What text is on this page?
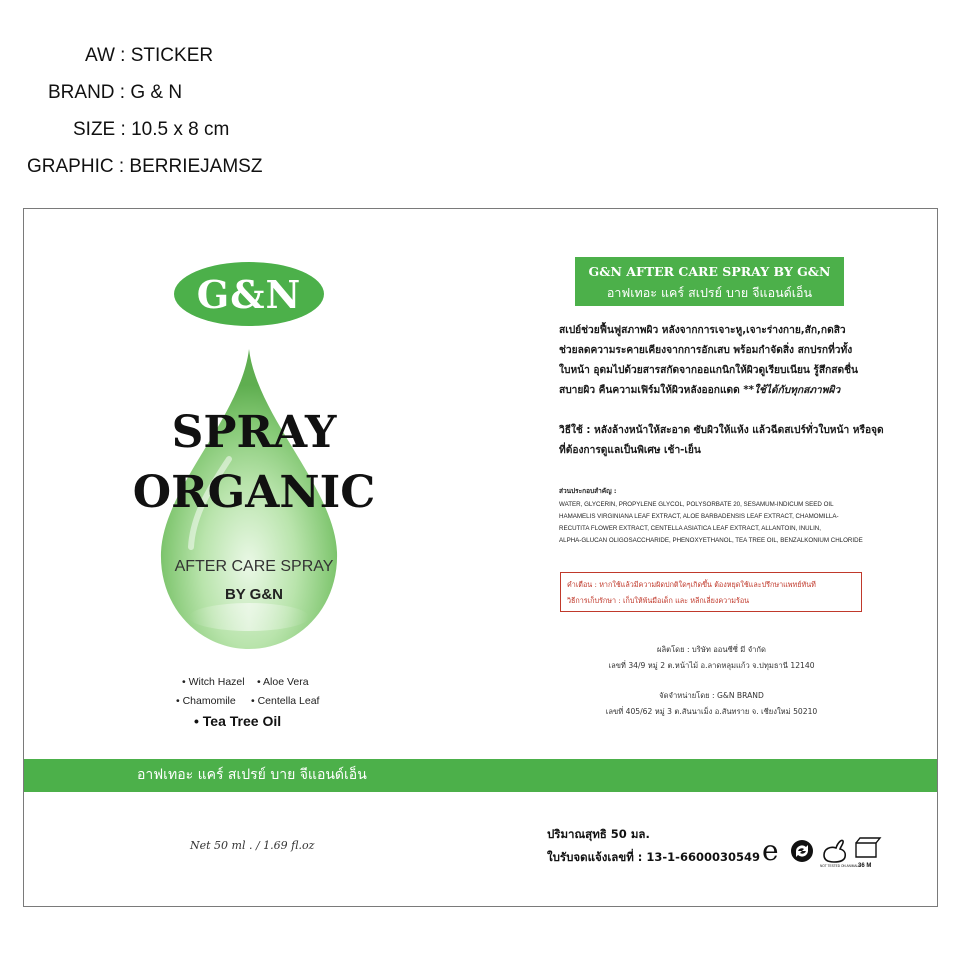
AW : STICKER
BRAND : G & N
SIZE : 10.5 x 8 cm
GRAPHIC : BERRIEJAMSZ
G&N
SPRAY
ORGANIC
AFTER CARE SPRAY
BY G&N
• Witch Hazel • Aloe Vera
• Chamomile • Centella Leaf
• Tea Tree Oil
อาฟเทอะ แคร์ สเปรย์ บาย จีแอนด์เอ็น
Net 50 ml . / 1.69 fl.oz
G&N AFTER CARE SPRAY BY G&N
อาฟเทอะ แคร์ สเปรย์ บาย จีแอนด์เอ็น
สเปย์ช่วยฟื้นฟูสภาพผิว หลังจากการเจาะหู,เจาะร่างกาย,สัก,กดสิว
ช่วยลดความระคายเคียงจากการอักเสบ พร้อมกำจัดสิ่ง สกปรกที่วทั้ง
ใบหน้า อุดมไปด้วยสารสกัดจากออแกนิกให้ผิวดูเรียบเนียน รู้สึกสดชื่น
สบายผิว คืนความเฟิร์มให้ผิวหลังออกแดด **ใช้ได้กับทุกสภาพผิว
วิธีใช้ : หลังล้างหน้าให้สะอาด ซับผิวให้แห้ง แล้วฉีดสเปร์ทั่วใบหน้า หรือจุด
ที่ต้องการดูแลเป็นพิเศษ เช้า-เย็น
ส่วนประกอบสำคัญ :
WATER, GLYCERIN, PROPYLENE GLYCOL, POLYSORBATE 20, SESAMUM-INDICUM SEED OIL
HAMAMELIS VIRGINIANA LEAF EXTRACT, ALOE BARBADENSIS LEAF EXTRACT, CHAMOMILLA-
RECUTITA FLOWER EXTRACT, CENTELLA ASIATICA LEAF EXTRACT, ALLANTOIN, INULIN,
ALPHA-GLUCAN OLIGOSACCHARIDE, PHENOXYETHANOL, TEA TREE OIL, BENZALKONIUM CHLORIDE
คำเตือน : หากใช้แล้วมีความผิดปกติใดๆเกิดขึ้น ต้องหยุดใช้และปรึกษาแพทย์ทันที
วิธีการเก็บรักษา : เก็บให้พ้นมือเด็ก และ หลีกเลี่ยงความร้อน
ผลิตโดย : บริษัท ออนซีซี่ มี จำกัด
เลขที่ 34/9 หมู่ 2 ต.หน้าไม้ อ.ลาดหลุมแก้ว จ.ปทุมธานี 12140
จัดจำหน่ายโดย : G&N BRAND
เลขที่ 405/62 หมู่ 3 ต.สันนาเม็ง อ.สันทราย จ. เชียงใหม่ 50210
ปริมาณสุทธิ 50 มล.
ใบรับจดแจ้งเลขที่ : 13-1-6600030549 e	NOT TESTED ON ANIMALS
36 M
